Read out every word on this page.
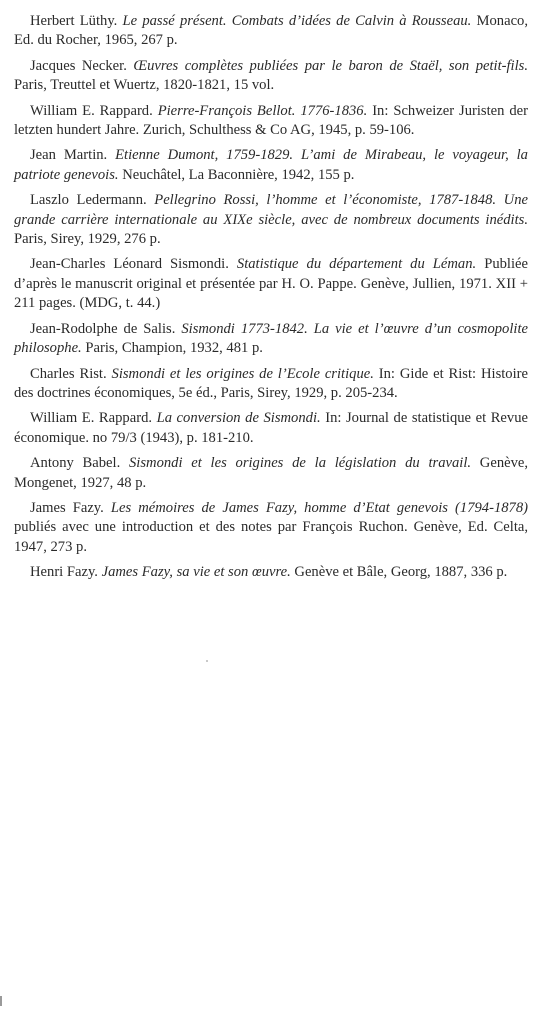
Herbert Lüthy. Le passé présent. Combats d’idées de Calvin à Rousseau. Monaco, Ed. du Rocher, 1965, 267 p.

Jacques Necker. Œuvres complètes publiées par le baron de Staël, son petit-fils. Paris, Treuttel et Wuertz, 1820-1821, 15 vol.

William E. Rappard. Pierre-François Bellot. 1776-1836. In: Schweizer Juristen der letzten hundert Jahre. Zurich, Schulthess & Co AG, 1945, p. 59-106.

Jean Martin. Etienne Dumont, 1759-1829. L’ami de Mirabeau, le voyageur, la patriote genevois. Neuchâtel, La Baconnière, 1942, 155 p.

Laszlo Ledermann. Pellegrino Rossi, l’homme et l’économiste, 1787-1848. Une grande carrière internationale au XIXe siècle, avec de nombreux documents inédits. Paris, Sirey, 1929, 276 p.

Jean-Charles Léonard Sismondi. Statistique du département du Léman. Publiée d’après le manuscrit original et présentée par H. O. Pappe. Genève, Jullien, 1971. XII + 211 pages. (MDG, t. 44.)

Jean-Rodolphe de Salis. Sismondi 1773-1842. La vie et l’œuvre d’un cosmopolite philosophe. Paris, Champion, 1932, 481 p.

Charles Rist. Sismondi et les origines de l’Ecole critique. In: Gide et Rist: Histoire des doctrines économiques, 5e éd., Paris, Sirey, 1929, p. 205-234.

William E. Rappard. La conversion de Sismondi. In: Journal de statistique et Revue économique. no 79/3 (1943), p. 181-210.

Antony Babel. Sismondi et les origines de la législation du travail. Genève, Mongenet, 1927, 48 p.

James Fazy. Les mémoires de James Fazy, homme d’Etat genevois (1794-1878) publiés avec une introduction et des notes par François Ruchon. Genève, Ed. Celta, 1947, 273 p.

Henri Fazy. James Fazy, sa vie et son œuvre. Genève et Bâle, Georg, 1887, 336 p.
